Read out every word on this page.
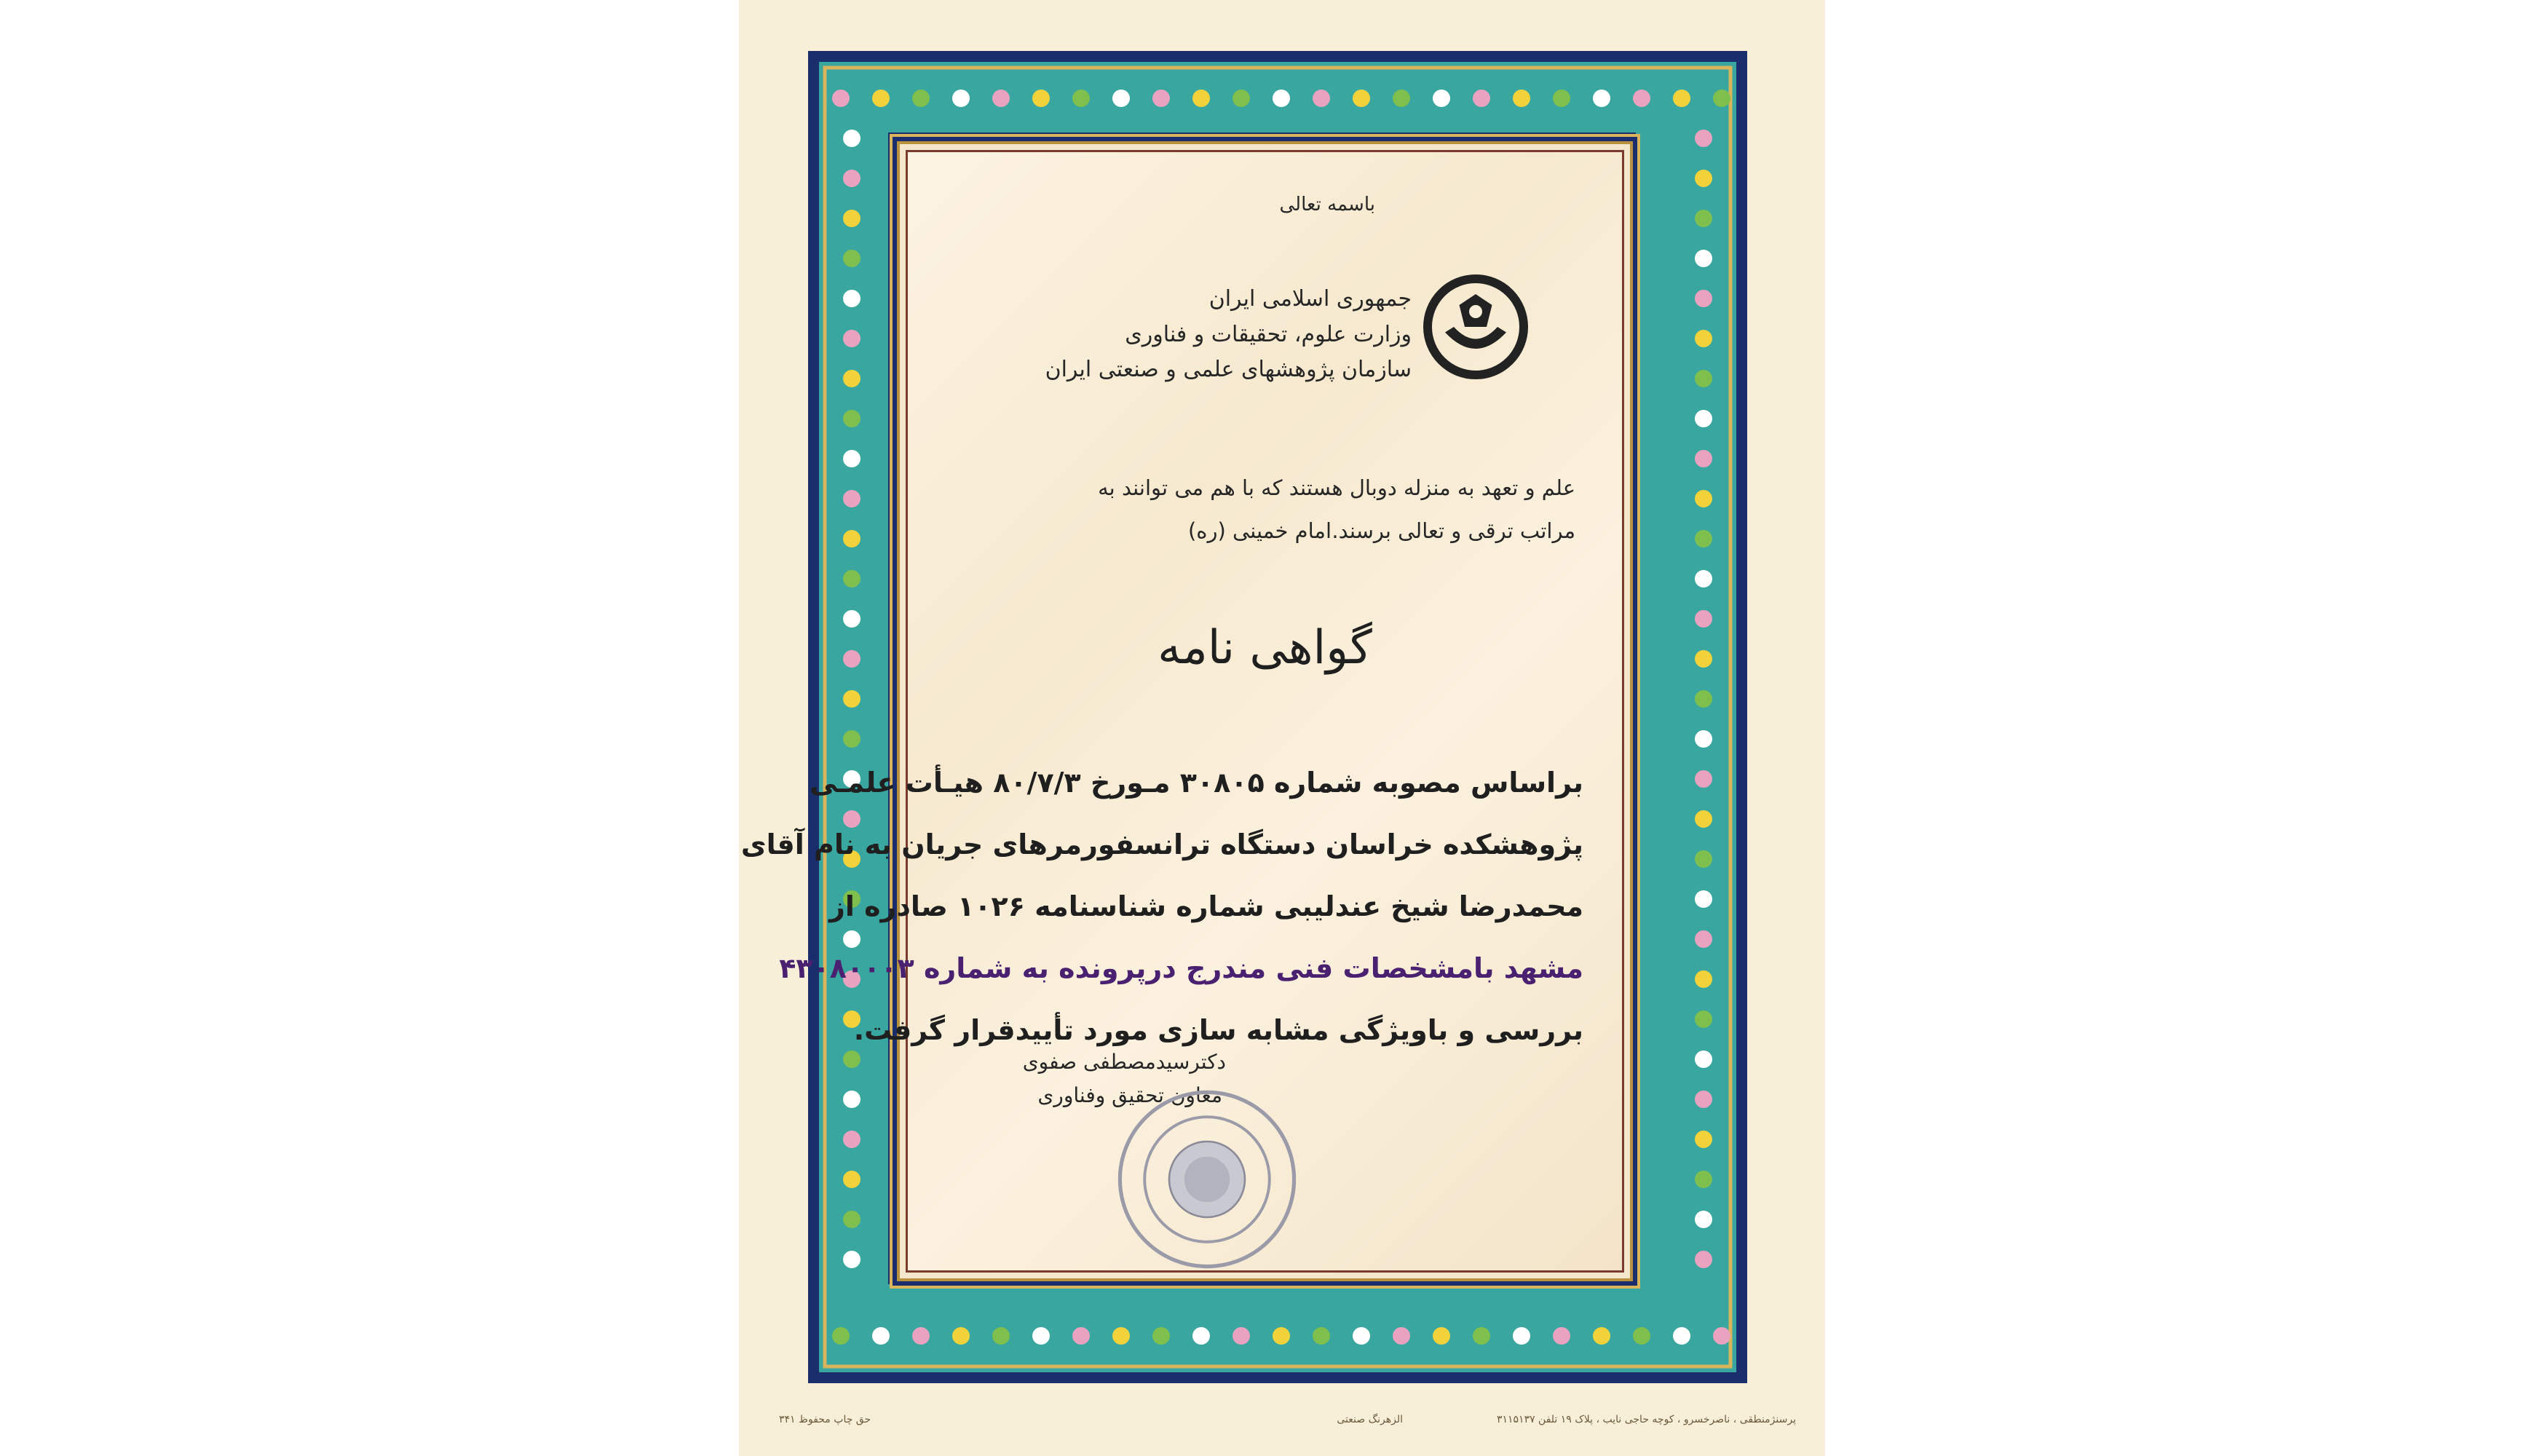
باسمه تعالی
جمهوری اسلامی ایران
وزارت علوم، تحقیقات و فناوری
سازمان پژوهشهای علمی و صنعتی ایران
علم و تعهد به منزله دوبال هستند که با هم می توانند به
مراتب ترقی و تعالی برسند.
امام خمینی (ره)
گواهی نامه
براساس مصوبه شماره ۳۰۸۰۵ مـورخ ۸۰/۷/۳ هیـأت علمـی
پژوهشکده خراسان دستگاه ترانسفورمرهای جریان به نام آقای
محمدرضا شیخ عندلیبی شماره شناسنامه ۱۰۲۶ صادره از
مشهد بامشخصات فنی مندرج درپرونده به شماره ۴۳۰۸۰۰۰۳
بررسی و باویژگی مشابه سازی مورد تأییدقرار گرفت.
دکترسیدمصطفی صفوی
معاون تحقیق وفناوری
پرسنژمنطقی ، ناصرخسرو ، کوچه حاجی نایب ، پلاک ۱۹ تلفن ۳۱۱۵۱۳۷
الزهرنگ صنعتی
حق چاپ محفوظ ۳۴۱
